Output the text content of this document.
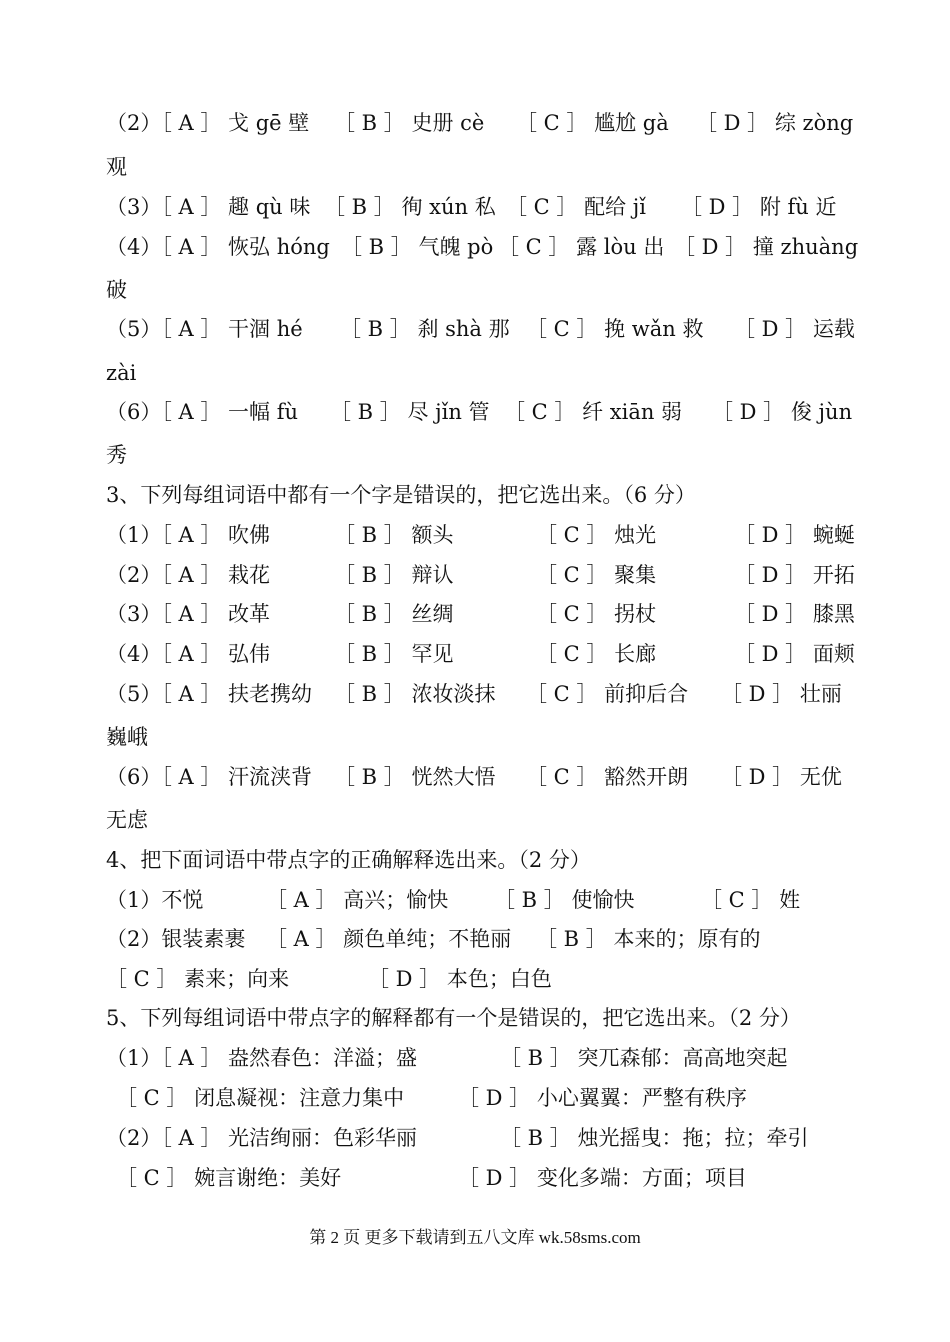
（2）［ A ］ 戈 gē 壁 ［ B ］ 史册 cè ［ C ］ 尴尬 gà ［ D ］ 综 zòng
观
（3）［ A ］ 趣 qù 味 ［ B ］ 徇 xún 私 ［ C ］ 配给 jǐ ［ D ］ 附 fù 近
（4）［ A ］ 恢弘 hóng ［ B ］ 气魄 pò ［ C ］ 露 lòu 出 ［ D ］ 撞 zhuàng
破
（5）［ A ］ 干涸 hé ［ B ］ 刹 shà 那 ［ C ］ 挽 wǎn 救 ［ D ］ 运载
zài
（6）［ A ］ 一幅 fù ［ B ］ 尽 jǐn 管 ［ C ］ 纤 xiān 弱 ［ D ］ 俊 jùn
秀
3、下列每组词语中都有一个字是错误的，把它选出来。（6 分）
（1）［ A ］ 吹佛	［ B ］ 额头	［ C ］ 烛光	［ D ］ 蜿蜒
（2）［ A ］ 栽花	［ B ］ 辩认	［ C ］ 聚集	［ D ］ 开拓
（3）［ A ］ 改革	［ B ］ 丝绸	［ C ］ 拐杖	［ D ］ 膝黑
（4）［ A ］ 弘伟	［ B ］ 罕见	［ C ］ 长廊	［ D ］ 面颊
（5）［ A ］ 扶老携幼 ［ B ］ 浓妆淡抹 ［ C ］ 前抑后合 ［ D ］ 壮丽
巍峨
（6）［ A ］ 汗流浃背 ［ B ］ 恍然大悟 ［ C ］ 豁然开朗 ［ D ］ 无优
无虑
4、把下面词语中带点字的正确解释选出来。（2 分）
（1）不悦	［ A ］ 高兴；愉快 ［ B ］ 使愉快	［ C ］ 姓
（2）银装素裹 ［ A ］ 颜色单纯；不艳丽 ［ B ］ 本来的；原有的
［ C ］ 素来；向来	［ D ］ 本色；白色
5、下列每组词语中带点字的解释都有一个是错误的，把它选出来。（2 分）
（1）［ A ］ 盎然春色：洋溢；盛	［ B ］ 突兀森郁：高高地突起
［ C ］ 闭息凝视：注意力集中	［ D ］ 小心翼翼：严整有秩序
（2）［ A ］ 光洁绚丽：色彩华丽	［ B ］ 烛光摇曳：拖；拉；牵引
［ C ］ 婉言谢绝：美好	［ D ］ 变化多端：方面；项目
第 2 页 更多下载请到五八文库 wk.58sms.com
